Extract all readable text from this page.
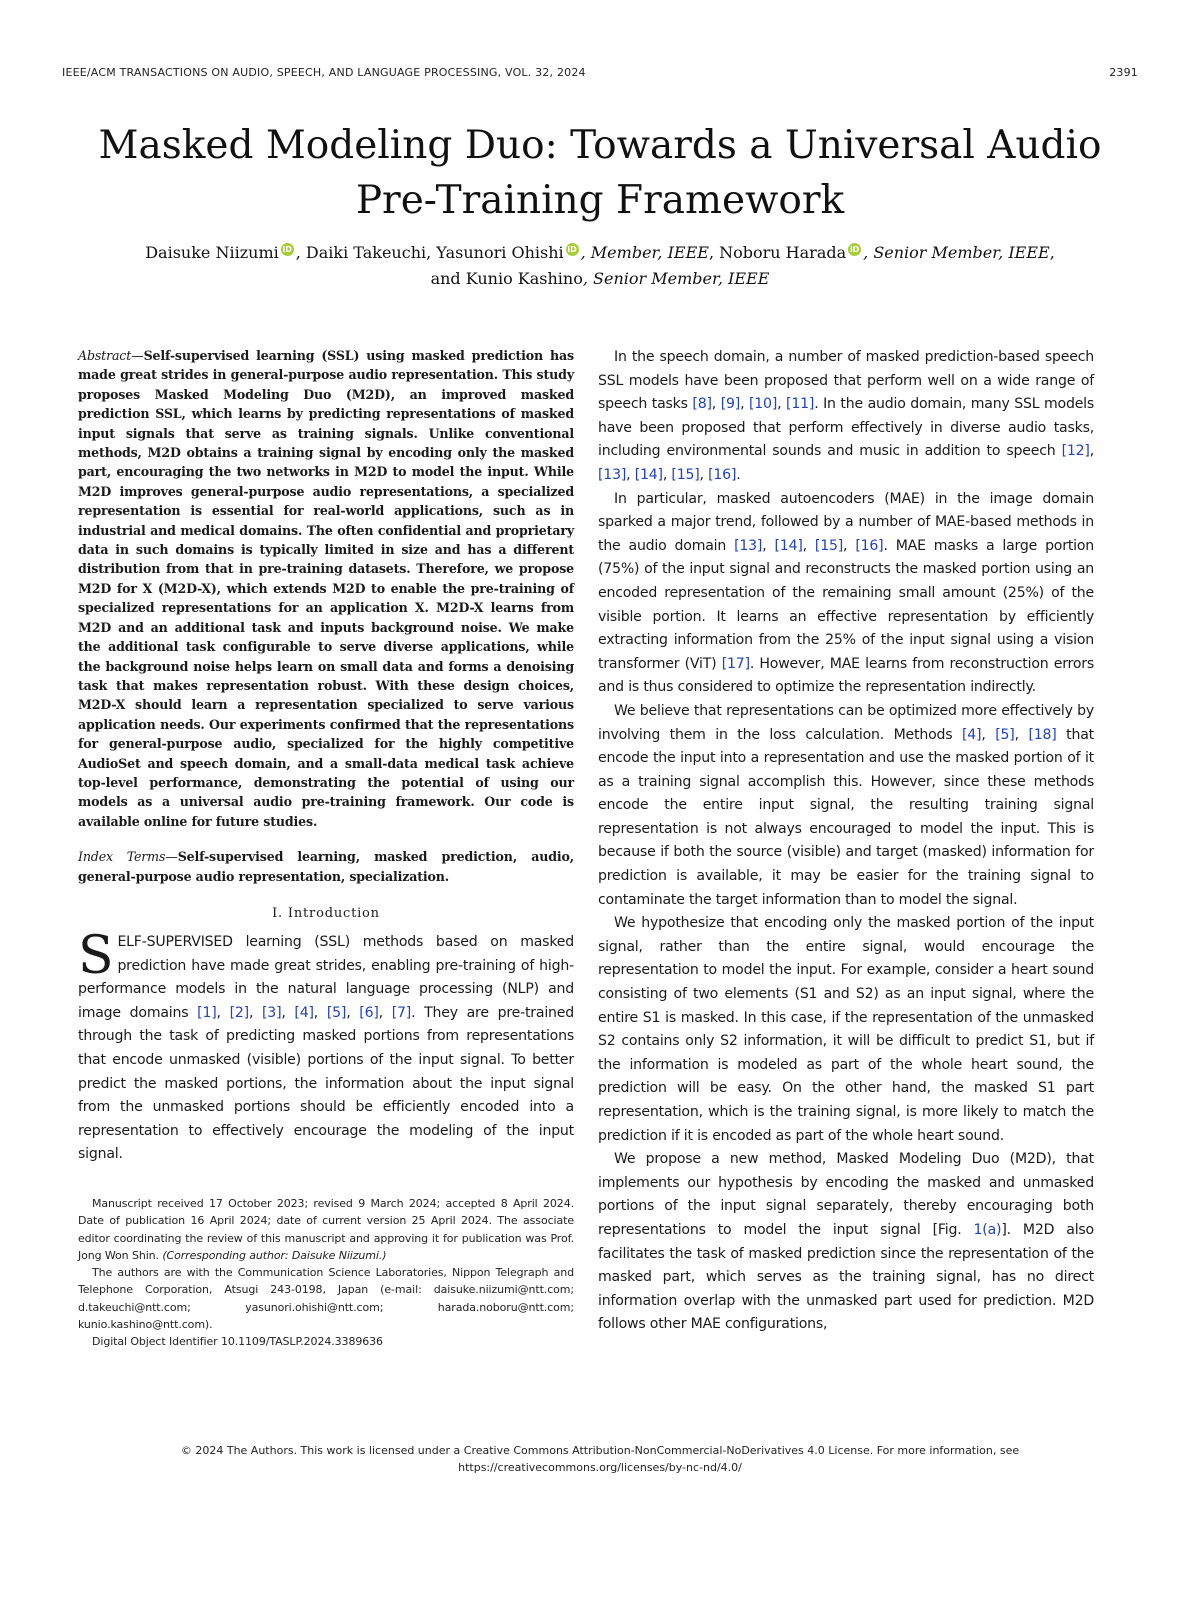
IEEE/ACM TRANSACTIONS ON AUDIO, SPEECH, AND LANGUAGE PROCESSING, VOL. 32, 2024	2391
Masked Modeling Duo: Towards a Universal Audio
Pre-Training Framework
Daisuke Niizumi iD , Daiki Takeuchi, Yasunori Ohishi iD , Member, IEEE, Noboru Harada iD , Senior Member, IEEE,
and Kunio Kashino, Senior Member, IEEE

Abstract—Self-supervised learning (SSL) using masked prediction has made great strides in general-purpose audio representation. This study proposes Masked Modeling Duo (M2D), an improved masked prediction SSL, which learns by predicting representations of masked input signals that serve as training signals. Unlike conventional methods, M2D obtains a training signal by encoding only the masked part, encouraging the two networks in M2D to model the input. While M2D improves general-purpose audio representations, a specialized representation is essential for real-world applications, such as in industrial and medical domains. The often confidential and proprietary data in such domains is typically limited in size and has a different distribution from that in pre-training datasets. Therefore, we propose M2D for X (M2D-X), which extends M2D to enable the pre-training of specialized representations for an application X. M2D-X learns from M2D and an additional task and inputs background noise. We make the additional task configurable to serve diverse applications, while the background noise helps learn on small data and forms a denoising task that makes representation robust. With these design choices, M2D-X should learn a representation specialized to serve various application needs. Our experiments confirmed that the representations for general-purpose audio, specialized for the highly competitive AudioSet and speech domain, and a small-data medical task achieve top-level performance, demonstrating the potential of using our models as a universal audio pre-training framework. Our code is available online for future studies.

Index Terms—Self-supervised learning, masked prediction, audio, general-purpose audio representation, specialization.

I. Introduction

SELF-SUPERVISED learning (SSL) methods based on masked prediction have made great strides, enabling pre-training of high-performance models in the natural language processing (NLP) and image domains [1], [2], [3], [4], [5], [6], [7]. They are pre-trained through the task of predicting masked portions from representations that encode unmasked (visible) portions of the input signal. To better predict the masked portions, the information about the input signal from the unmasked portions should be efficiently encoded into a representation to effectively encourage the modeling of the input signal.

Manuscript received 17 October 2023; revised 9 March 2024; accepted 8 April 2024. Date of publication 16 April 2024; date of current version 25 April 2024. The associate editor coordinating the review of this manuscript and approving it for publication was Prof. Jong Won Shin. (Corresponding author: Daisuke Niizumi.)

The authors are with the Communication Science Laboratories, Nippon Telegraph and Telephone Corporation, Atsugi 243-0198, Japan (e-mail: daisuke.niizumi@ntt.com; d.takeuchi@ntt.com; yasunori.ohishi@ntt.com; harada.noboru@ntt.com; kunio.kashino@ntt.com).

Digital Object Identifier 10.1109/TASLP.2024.3389636

In the speech domain, a number of masked prediction-based speech SSL models have been proposed that perform well on a wide range of speech tasks [8], [9], [10], [11]. In the audio domain, many SSL models have been proposed that perform effectively in diverse audio tasks, including environmental sounds and music in addition to speech [12], [13], [14], [15], [16].

In particular, masked autoencoders (MAE) in the image domain sparked a major trend, followed by a number of MAE-based methods in the audio domain [13], [14], [15], [16]. MAE masks a large portion (75%) of the input signal and reconstructs the masked portion using an encoded representation of the remaining small amount (25%) of the visible portion. It learns an effective representation by efficiently extracting information from the 25% of the input signal using a vision transformer (ViT) [17]. However, MAE learns from reconstruction errors and is thus considered to optimize the representation indirectly.

We believe that representations can be optimized more effectively by involving them in the loss calculation. Methods [4], [5], [18] that encode the input into a representation and use the masked portion of it as a training signal accomplish this. However, since these methods encode the entire input signal, the resulting training signal representation is not always encouraged to model the input. This is because if both the source (visible) and target (masked) information for prediction is available, it may be easier for the training signal to contaminate the target information than to model the signal.

We hypothesize that encoding only the masked portion of the input signal, rather than the entire signal, would encourage the representation to model the input. For example, consider a heart sound consisting of two elements (S1 and S2) as an input signal, where the entire S1 is masked. In this case, if the representation of the unmasked S2 contains only S2 information, it will be difficult to predict S1, but if the information is modeled as part of the whole heart sound, the prediction will be easy. On the other hand, the masked S1 part representation, which is the training signal, is more likely to match the prediction if it is encoded as part of the whole heart sound.

We propose a new method, Masked Modeling Duo (M2D), that implements our hypothesis by encoding the masked and unmasked portions of the input signal separately, thereby encouraging both representations to model the input signal [Fig. 1(a)]. M2D also facilitates the task of masked prediction since the representation of the masked part, which serves as the training signal, has no direct information overlap with the unmasked part used for prediction. M2D follows other MAE configurations,

© 2024 The Authors. This work is licensed under a Creative Commons Attribution-NonCommercial-NoDerivatives 4.0 License. For more information, see
https://creativecommons.org/licenses/by-nc-nd/4.0/
